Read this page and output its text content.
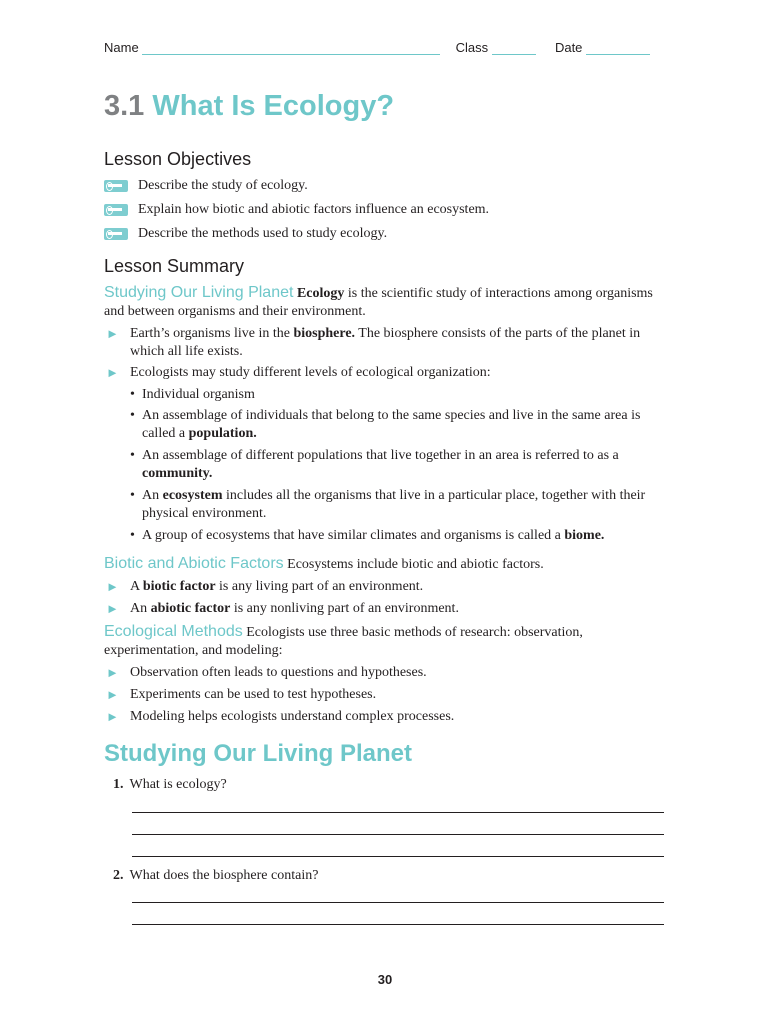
Name	Class	Date
3.1 What Is Ecology?
Lesson Objectives
Describe the study of ecology.
Explain how biotic and abiotic factors influence an ecosystem.
Describe the methods used to study ecology.
Lesson Summary
Studying Our Living Planet Ecology is the scientific study of interactions among organisms and between organisms and their environment.
► Earth’s organisms live in the biosphere. The biosphere consists of the parts of the planet in which all life exists.
► Ecologists may study different levels of ecological organization:
• Individual organism
• An assemblage of individuals that belong to the same species and live in the same area is called a population.
• An assemblage of different populations that live together in an area is referred to as a community.
• An ecosystem includes all the organisms that live in a particular place, together with their physical environment.
• A group of ecosystems that have similar climates and organisms is called a biome.
Biotic and Abiotic Factors Ecosystems include biotic and abiotic factors.
► A biotic factor is any living part of an environment.
► An abiotic factor is any nonliving part of an environment.
Ecological Methods Ecologists use three basic methods of research: observation, experimentation, and modeling:
► Observation often leads to questions and hypotheses.
► Experiments can be used to test hypotheses.
► Modeling helps ecologists understand complex processes.
Studying Our Living Planet
1. What is ecology?
2. What does the biosphere contain?
30
